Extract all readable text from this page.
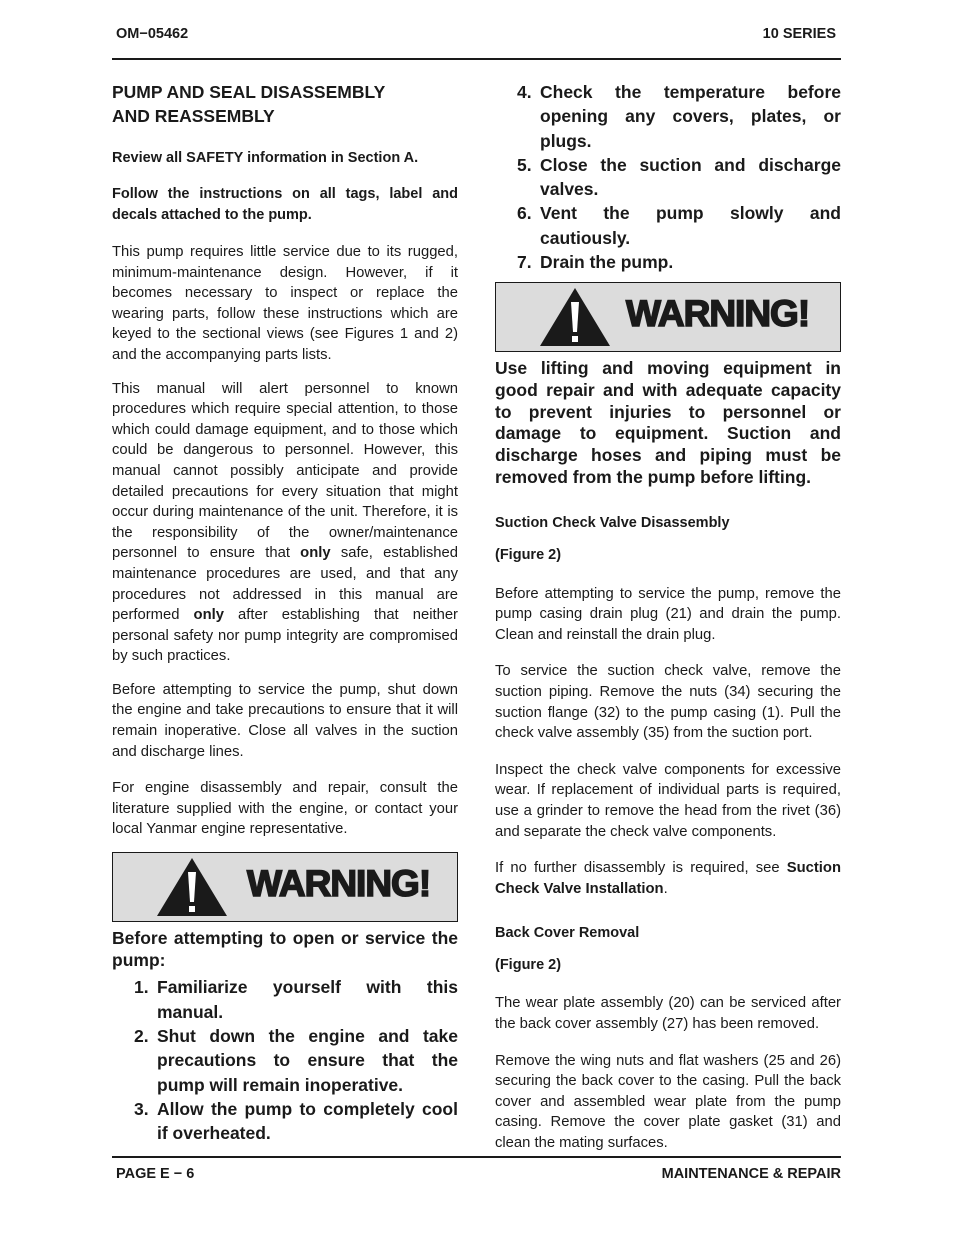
OM−05462	10 SERIES
PUMP AND SEAL DISASSEMBLY
AND REASSEMBLY
Review all SAFETY information in Section A.
Follow the instructions on all tags, label and decals attached to the pump.

This pump requires little service due to its rugged, minimum-maintenance design. However, if it becomes necessary to inspect or replace the wearing parts, follow these instructions which are keyed to the sectional views (see Figures 1 and 2) and the accompanying parts lists.

This manual will alert personnel to known procedures which require special attention, to those which could damage equipment, and to those which could be dangerous to personnel. However, this manual cannot possibly anticipate and provide detailed precautions for every situation that might occur during maintenance of the unit. Therefore, it is the responsibility of the owner/maintenance personnel to ensure that only safe, established maintenance procedures are used, and that any procedures not addressed in this manual are performed only after establishing that neither personal safety nor pump integrity are compromised by such practices.

Before attempting to service the pump, shut down the engine and take precautions to ensure that it will remain inoperative. Close all valves in the suction and discharge lines.

For engine disassembly and repair, consult the literature supplied with the engine, or contact your local Yanmar engine representative.

WARNING!

Before attempting to open or service the pump:

1. Familiarize yourself with this manual.
2. Shut down the engine and take precautions to ensure that the pump will remain inoperative.
3. Allow the pump to completely cool if overheated.
4. Check the temperature before opening any covers, plates, or plugs.
5. Close the suction and discharge valves.
6. Vent the pump slowly and cautiously.
7. Drain the pump.
WARNING!

Use lifting and moving equipment in good repair and with adequate capacity to prevent injuries to personnel or damage to equipment. Suction and discharge hoses and piping must be removed from the pump before lifting.

Suction Check Valve Disassembly
(Figure 2)

Before attempting to service the pump, remove the pump casing drain plug (21) and drain the pump. Clean and reinstall the drain plug.

To service the suction check valve, remove the suction piping. Remove the nuts (34) securing the suction flange (32) to the pump casing (1). Pull the check valve assembly (35) from the suction port.

Inspect the check valve components for excessive wear. If replacement of individual parts is required, use a grinder to remove the head from the rivet (36) and separate the check valve components.

If no further disassembly is required, see Suction Check Valve Installation.

Back Cover Removal
(Figure 2)

The wear plate assembly (20) can be serviced after the back cover assembly (27) has been removed.

Remove the wing nuts and flat washers (25 and 26) securing the back cover to the casing. Pull the back cover and assembled wear plate from the pump casing. Remove the cover plate gasket (31) and clean the mating surfaces.

PAGE E − 6	MAINTENANCE & REPAIR
